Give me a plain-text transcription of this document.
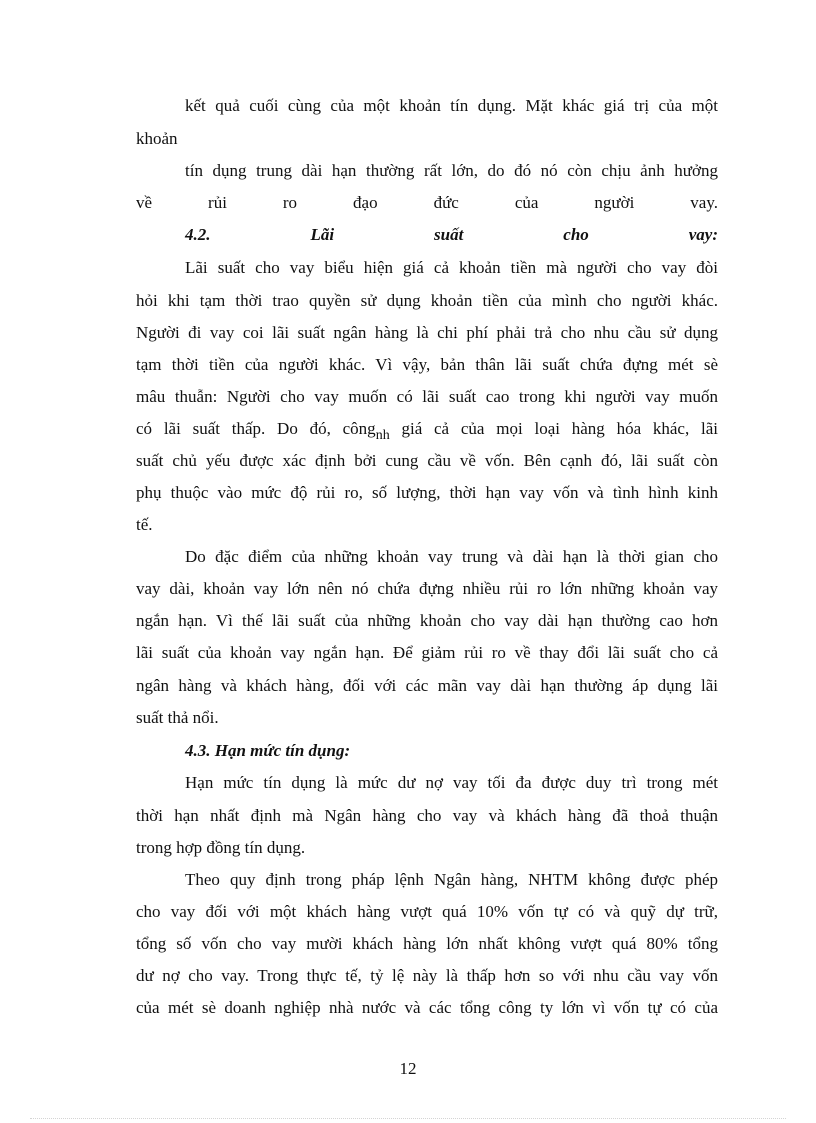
kết quả cuối cùng của một khoản tín dụng. Mặt khác giá trị của một
khoản
tín dụng trung dài hạn thường rất lớn, do đó nó còn chịu ảnh hưởng
về rủi ro đạo đức của người vay.
4.2. Lãi suất cho vay:
Lãi suất cho vay biểu hiện giá cả khoản tiền mà người cho vay đòi
hỏi khi tạm thời trao quyền sử dụng khoản tiền của mình cho người khác.
Người đi vay coi lãi suất ngân hàng là chi phí phải trả cho nhu cầu sử dụng
tạm thời tiền của người khác. Vì vậy, bản thân lãi suất chứa đựng mét sè
mâu thuẫn: Người cho vay muốn có lãi suất cao trong khi người vay muốn
có lãi suất thấp. Do đó, công$_{nh}$ giá cả của mọi loại hàng hóa khác, lãi
suất chủ yếu được xác định bởi cung cầu về vốn. Bên cạnh đó, lãi suất còn
phụ thuộc vào mức độ rủi ro, số lượng, thời hạn vay vốn và tình hình kinh
tế.
Do đặc điểm của những khoản vay trung và dài hạn là thời gian cho
vay dài, khoản vay lớn nên nó chứa đựng nhiều rủi ro lớn những khoản vay
ngắn hạn. Vì thế lãi suất của những khoản cho vay dài hạn thường cao hơn
lãi suất của khoản vay ngắn hạn. Để giảm rủi ro về thay đổi lãi suất cho cả
ngân hàng và khách hàng, đối với các mãn vay dài hạn thường áp dụng lãi
suất thả nổi.
4.3. Hạn mức tín dụng:
Hạn mức tín dụng là mức dư nợ vay tối đa được duy trì trong mét
thời hạn nhất định mà Ngân hàng cho vay và khách hàng đã thoả thuận
trong hợp đồng tín dụng.
Theo quy định trong pháp lệnh Ngân hàng, NHTM không được phép
cho vay đối với một khách hàng vượt quá 10% vốn tự có và quỹ dự trữ,
tổng số vốn cho vay mười khách hàng lớn nhất không vượt quá 80% tổng
dư nợ cho vay. Trong thực tế, tỷ lệ này là thấp hơn so với nhu cầu vay vốn
của mét sè doanh nghiệp nhà nước và các tổng công ty lớn vì vốn tự có của
12
